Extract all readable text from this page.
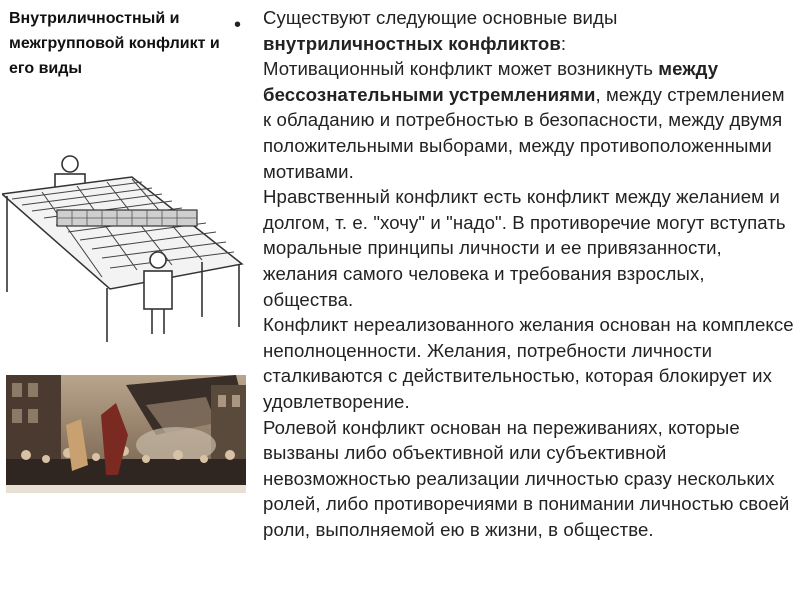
Внутриличностный и межгрупповой конфликт и его виды
• Существуют следующие основные виды внутриличностных конфликтов:
Мотивационный конфликт может возникнуть между бессознательными устремлениями, между стремлением к обладанию и потребностью в безопасности, между двумя положительными выборами, между противоположенными мотивами.
Нравственный конфликт есть конфликт между желанием и долгом, т. е. "хочу" и "надо". В противоречие могут вступать моральные принципы личности и ее привязанности, желания самого человека и требования взрослых, общества.
Конфликт нереализованного желания основан на комплексе неполноценности. Желания, потребности личности сталкиваются с действительностью, которая блокирует их удовлетворение.
Ролевой конфликт основан на переживаниях, которые вызваны либо объективной или субъективной невозможностью реализации личностью сразу нескольких ролей, либо противоречиями в понимании личностью своей роли, выполняемой ею в жизни, в обществе.
